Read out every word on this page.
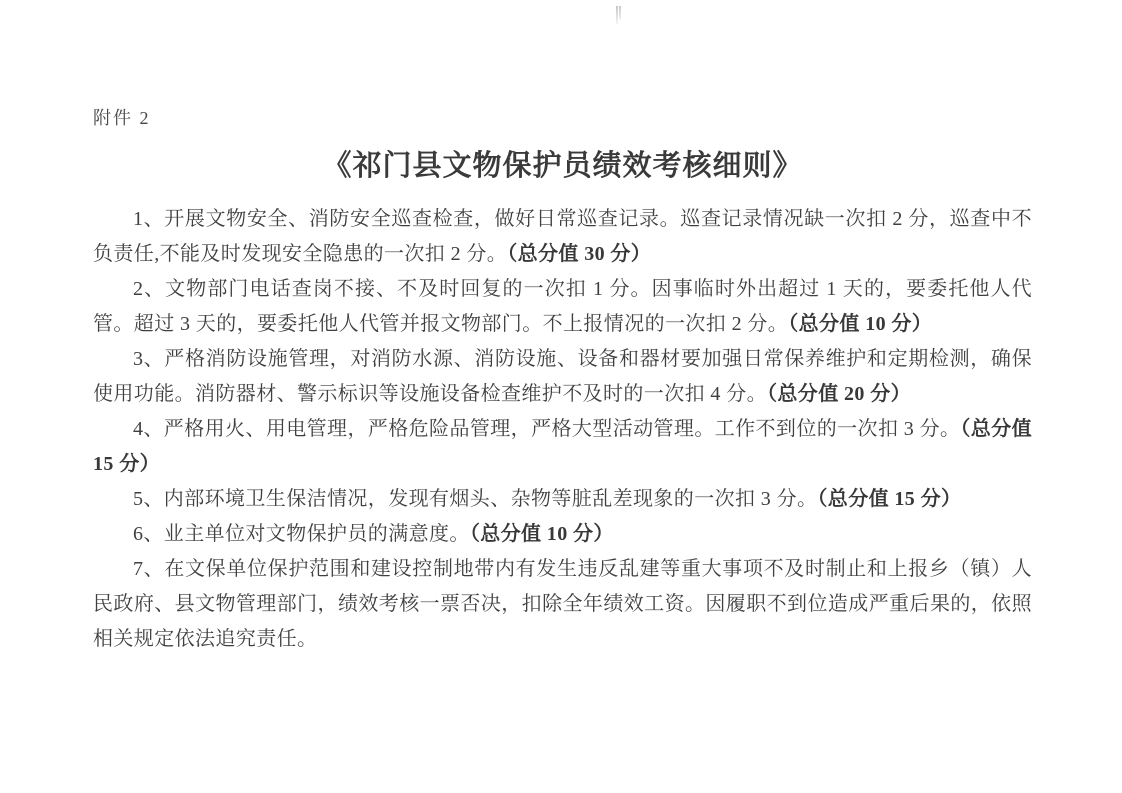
附件 2

《祁门县文物保护员绩效考核细则》

1、开展文物安全、消防安全巡查检查，做好日常巡查记录。巡查记录情况缺一次扣 2 分，巡查中不负责任,不能及时发现安全隐患的一次扣 2 分。（总分值 30 分）

2、文物部门电话查岗不接、不及时回复的一次扣 1 分。因事临时外出超过 1 天的，要委托他人代管。超过 3 天的，要委托他人代管并报文物部门。不上报情况的一次扣 2 分。（总分值 10 分）

3、严格消防设施管理，对消防水源、消防设施、设备和器材要加强日常保养维护和定期检测，确保使用功能。消防器材、警示标识等设施设备检查维护不及时的一次扣 4 分。（总分值 20 分）

4、严格用火、用电管理，严格危险品管理，严格大型活动管理。工作不到位的一次扣 3 分。（总分值 15 分）

5、内部环境卫生保洁情况，发现有烟头、杂物等脏乱差现象的一次扣 3 分。（总分值 15 分）

6、业主单位对文物保护员的满意度。（总分值 10 分）

7、在文保单位保护范围和建设控制地带内有发生违反乱建等重大事项不及时制止和上报乡（镇）人民政府、县文物管理部门，绩效考核一票否决，扣除全年绩效工资。因履职不到位造成严重后果的，依照相关规定依法追究责任。
